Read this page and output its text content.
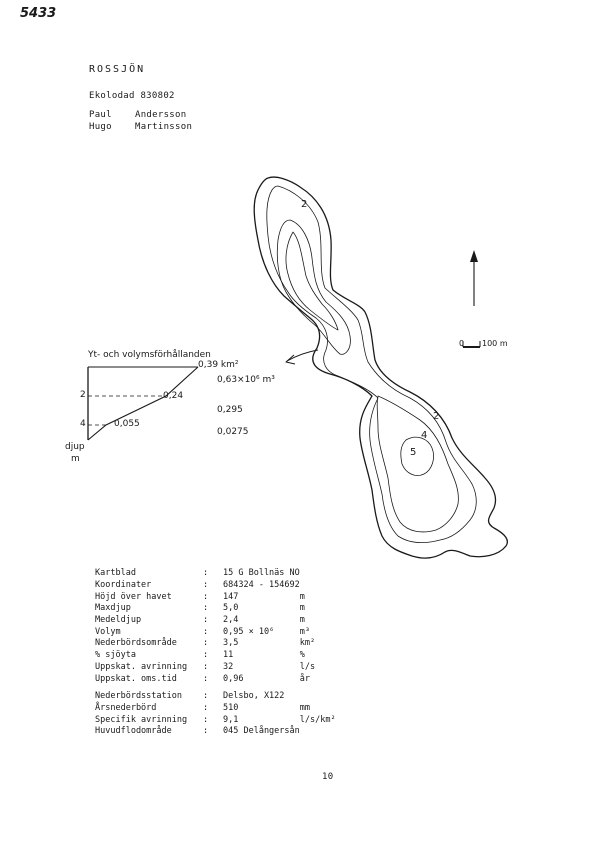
5433
ROSSJÖN
Ekolodad 830802
Paul	Andersson
Hugo	Martinsson
2
2
4
5
0 100 m
Yt- och volymsförhållanden
0,39 km²
0,24
0,055
2
4
djup
m
0,63×10⁶ m³
0,295
0,0275
Kartblad	:	15 G Bollnäs NO	
Koordinater	:	684324 - 154692	
Höjd över havet	:	147	m
Maxdjup	:	5,0	m
Medeldjup	:	2,4	m
Volym	:	0,95 × 10⁶	m³
Nederbördsområde	:	3,5	km²
% sjöyta	:	11	%
Uppskat. avrinning	:	32	l/s
Uppskat. oms.tid	:	0,96	år
Nederbördsstation	:	Delsbo, X122	
Årsnederbörd	:	510	mm
Specifik avrinning	:	9,1	l/s/km²
Huvudflodområde	:	045 Delångersån	
10
